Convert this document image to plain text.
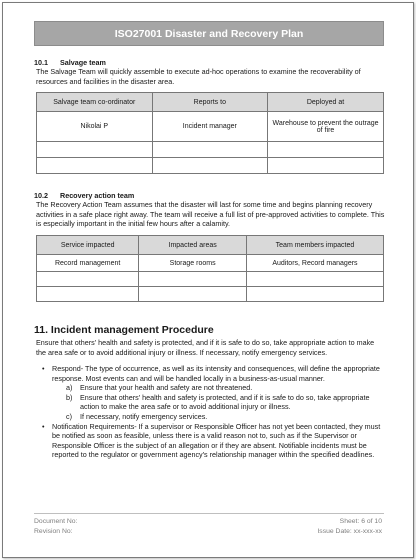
ISO27001 Disaster and Recovery Plan
10.1	Salvage team
The Salvage Team will quickly assemble to execute ad-hoc operations to examine the recoverability of resources and facilities in the disaster area.
Salvage team co-ordinator	Reports to	Deployed at
Nikolai P	Incident manager	Warehouse to prevent the outrage of fire

10.2	Recovery action team
The Recovery Action Team assumes that the disaster will last for some time and begins planning recovery activities in a safe place right away. The team will receive a full list of pre-approved activities to complete. This is especially important in the initial few hours after a calamity.
Service impacted	Impacted areas	Team members impacted
Record management	Storage rooms	Auditors, Record managers

11. Incident management Procedure
Ensure that others' health and safety is protected, and if it is safe to do so, take appropriate action to make the area safe or to avoid additional injury or illness. If necessary, notify emergency services.
• Respond- The type of occurrence, as well as its intensity and consequences, will define the appropriate response. Most events can and will be handled locally in a business-as-usual manner.
a) Ensure that your health and safety are not threatened.
b) Ensure that others' health and safety is protected, and if it is safe to do so, take appropriate action to make the area safe or to avoid additional injury or illness.
c) If necessary, notify emergency services.
• Notification Requirements- If a supervisor or Responsible Officer has not yet been contacted, they must be notified as soon as feasible, unless there is a valid reason not to, such as if the Supervisor or Responsible Officer is the subject of an allegation or if they are absent. Notifiable incidents must be reported to the regulator or government agency's relationship manager within the specified deadlines.
Document No:
Revision No:
Sheet: 6 of 10
Issue Date: xx-xxx-xx
